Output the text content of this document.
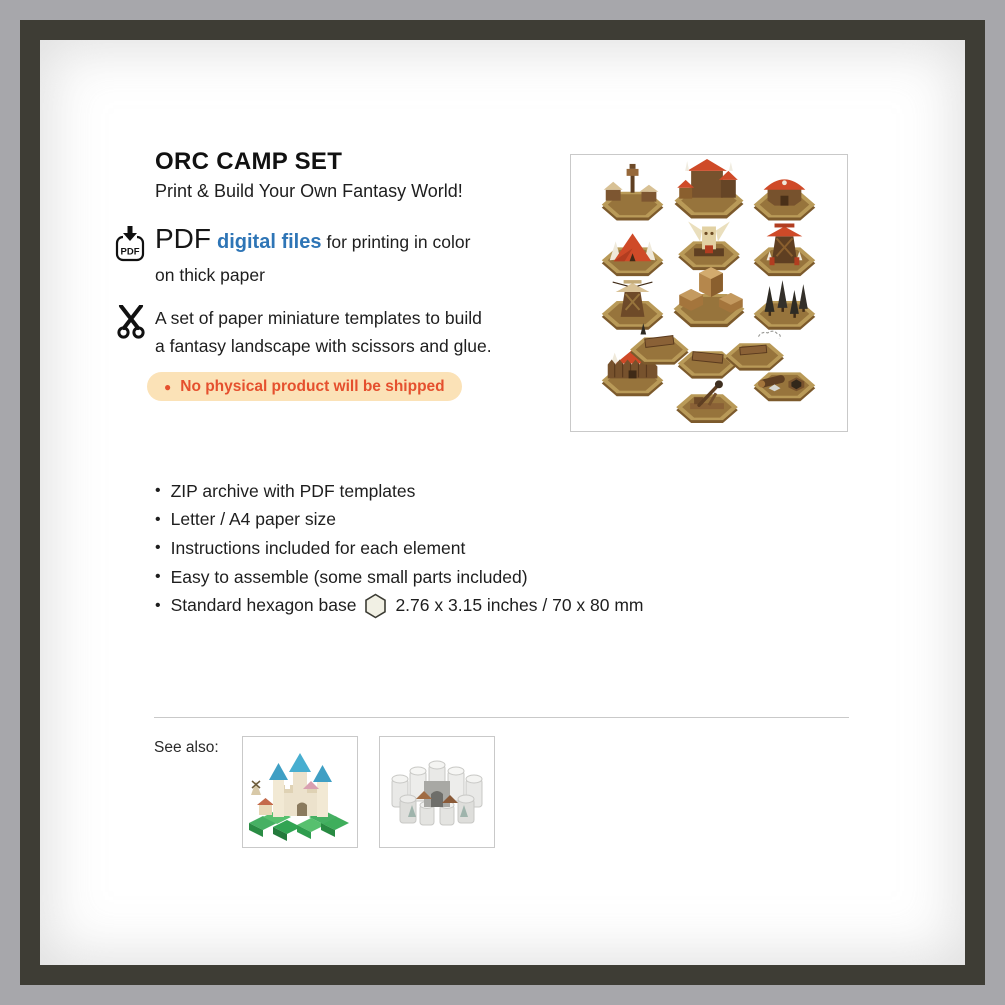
ORC CAMP SET
Print & Build Your Own Fantasy World!
PDF PDF digital files for printing in color
on thick paper
A set of paper miniature templates to build
a fantasy landscape with scissors and glue.
● No physical product will be shipped
• ZIP archive with PDF templates
• Letter / A4 paper size
• Instructions included for each element
• Easy to assemble (some small parts included)
• Standard hexagon base 2.76 x 3.15 inches / 70 x 80 mm
See also:
